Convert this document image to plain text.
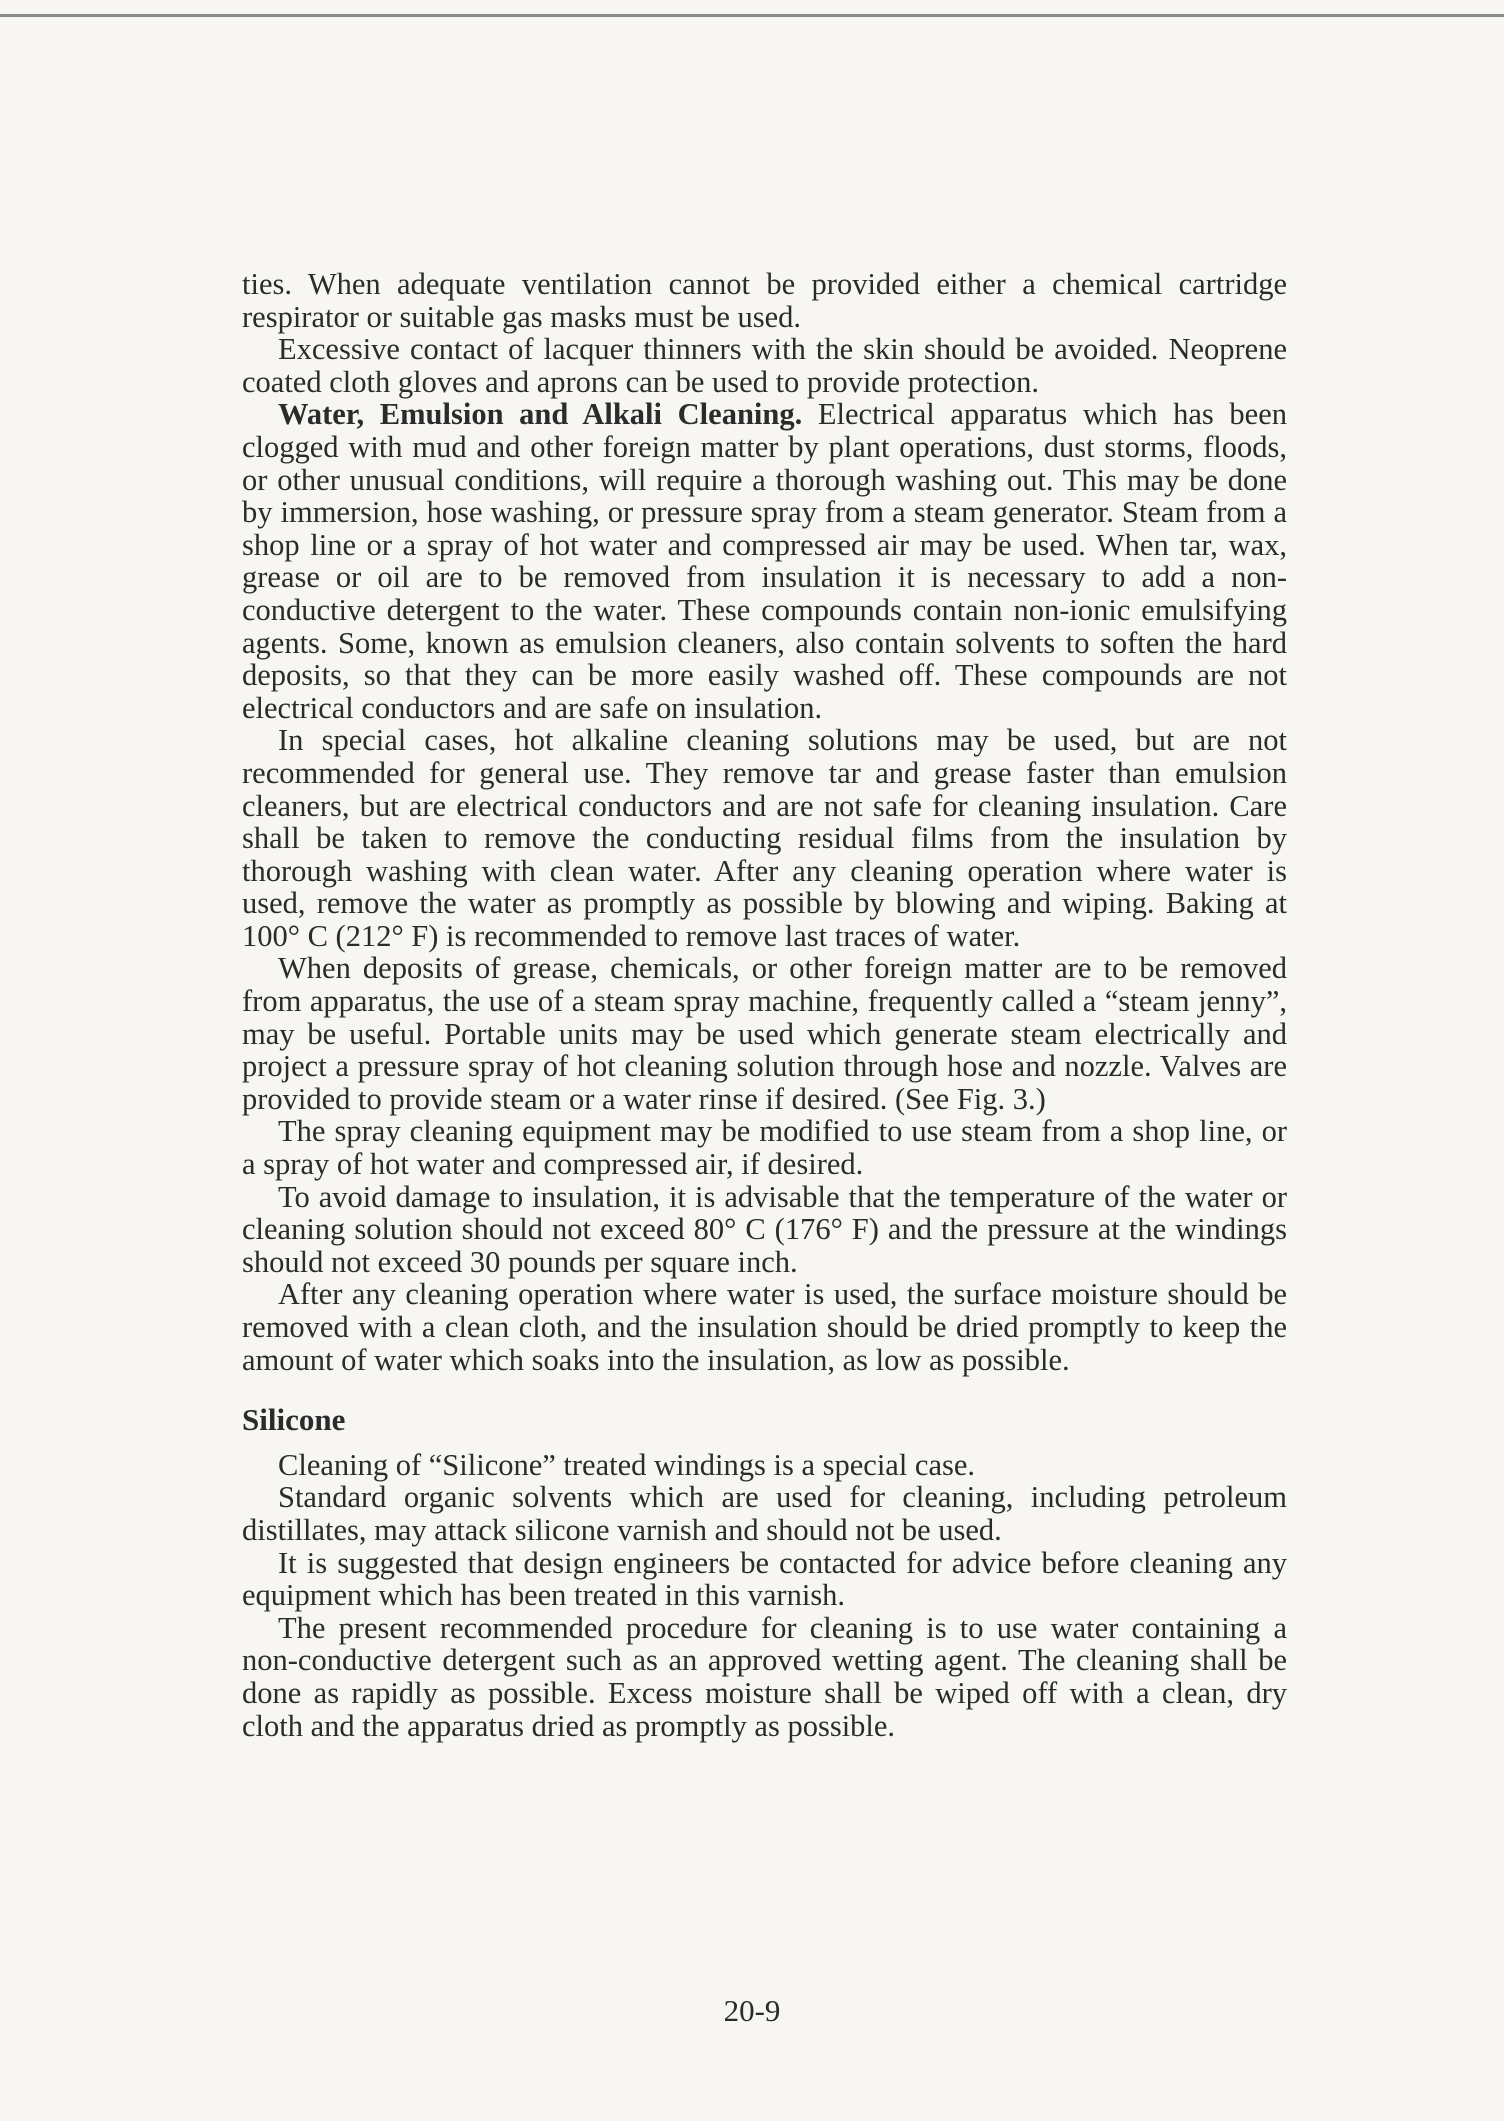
ties. When adequate ventilation cannot be provided either a chemical cartridge respirator or suitable gas masks must be used.

Excessive contact of lacquer thinners with the skin should be avoided. Neoprene coated cloth gloves and aprons can be used to provide protection.

Water, Emulsion and Alkali Cleaning. Electrical apparatus which has been clogged with mud and other foreign matter by plant operations, dust storms, floods, or other unusual conditions, will require a thorough washing out. This may be done by immersion, hose washing, or pressure spray from a steam generator. Steam from a shop line or a spray of hot water and compressed air may be used. When tar, wax, grease or oil are to be removed from insulation it is necessary to add a non-conductive detergent to the water. These compounds contain non-ionic emulsifying agents. Some, known as emulsion cleaners, also contain solvents to soften the hard deposits, so that they can be more easily washed off. These compounds are not electrical conductors and are safe on insulation.

In special cases, hot alkaline cleaning solutions may be used, but are not recommended for general use. They remove tar and grease faster than emulsion cleaners, but are electrical conductors and are not safe for cleaning insulation. Care shall be taken to remove the conducting residual films from the insulation by thorough washing with clean water. After any cleaning operation where water is used, remove the water as promptly as possible by blowing and wiping. Baking at 100° C (212° F) is recommended to remove last traces of water.

When deposits of grease, chemicals, or other foreign matter are to be removed from apparatus, the use of a steam spray machine, frequently called a “steam jenny”, may be useful. Portable units may be used which generate steam electrically and project a pressure spray of hot cleaning solution through hose and nozzle. Valves are provided to provide steam or a water rinse if desired. (See Fig. 3.)

The spray cleaning equipment may be modified to use steam from a shop line, or a spray of hot water and compressed air, if desired.

To avoid damage to insulation, it is advisable that the temperature of the water or cleaning solution should not exceed 80° C (176° F) and the pressure at the windings should not exceed 30 pounds per square inch.

After any cleaning operation where water is used, the surface moisture should be removed with a clean cloth, and the insulation should be dried promptly to keep the amount of water which soaks into the insulation, as low as possible.

Silicone

Cleaning of “Silicone” treated windings is a special case.

Standard organic solvents which are used for cleaning, including petroleum distillates, may attack silicone varnish and should not be used.

It is suggested that design engineers be contacted for advice before cleaning any equipment which has been treated in this varnish.

The present recommended procedure for cleaning is to use water containing a non-conductive detergent such as an approved wetting agent. The cleaning shall be done as rapidly as possible. Excess moisture shall be wiped off with a clean, dry cloth and the apparatus dried as promptly as possible.

20-9
